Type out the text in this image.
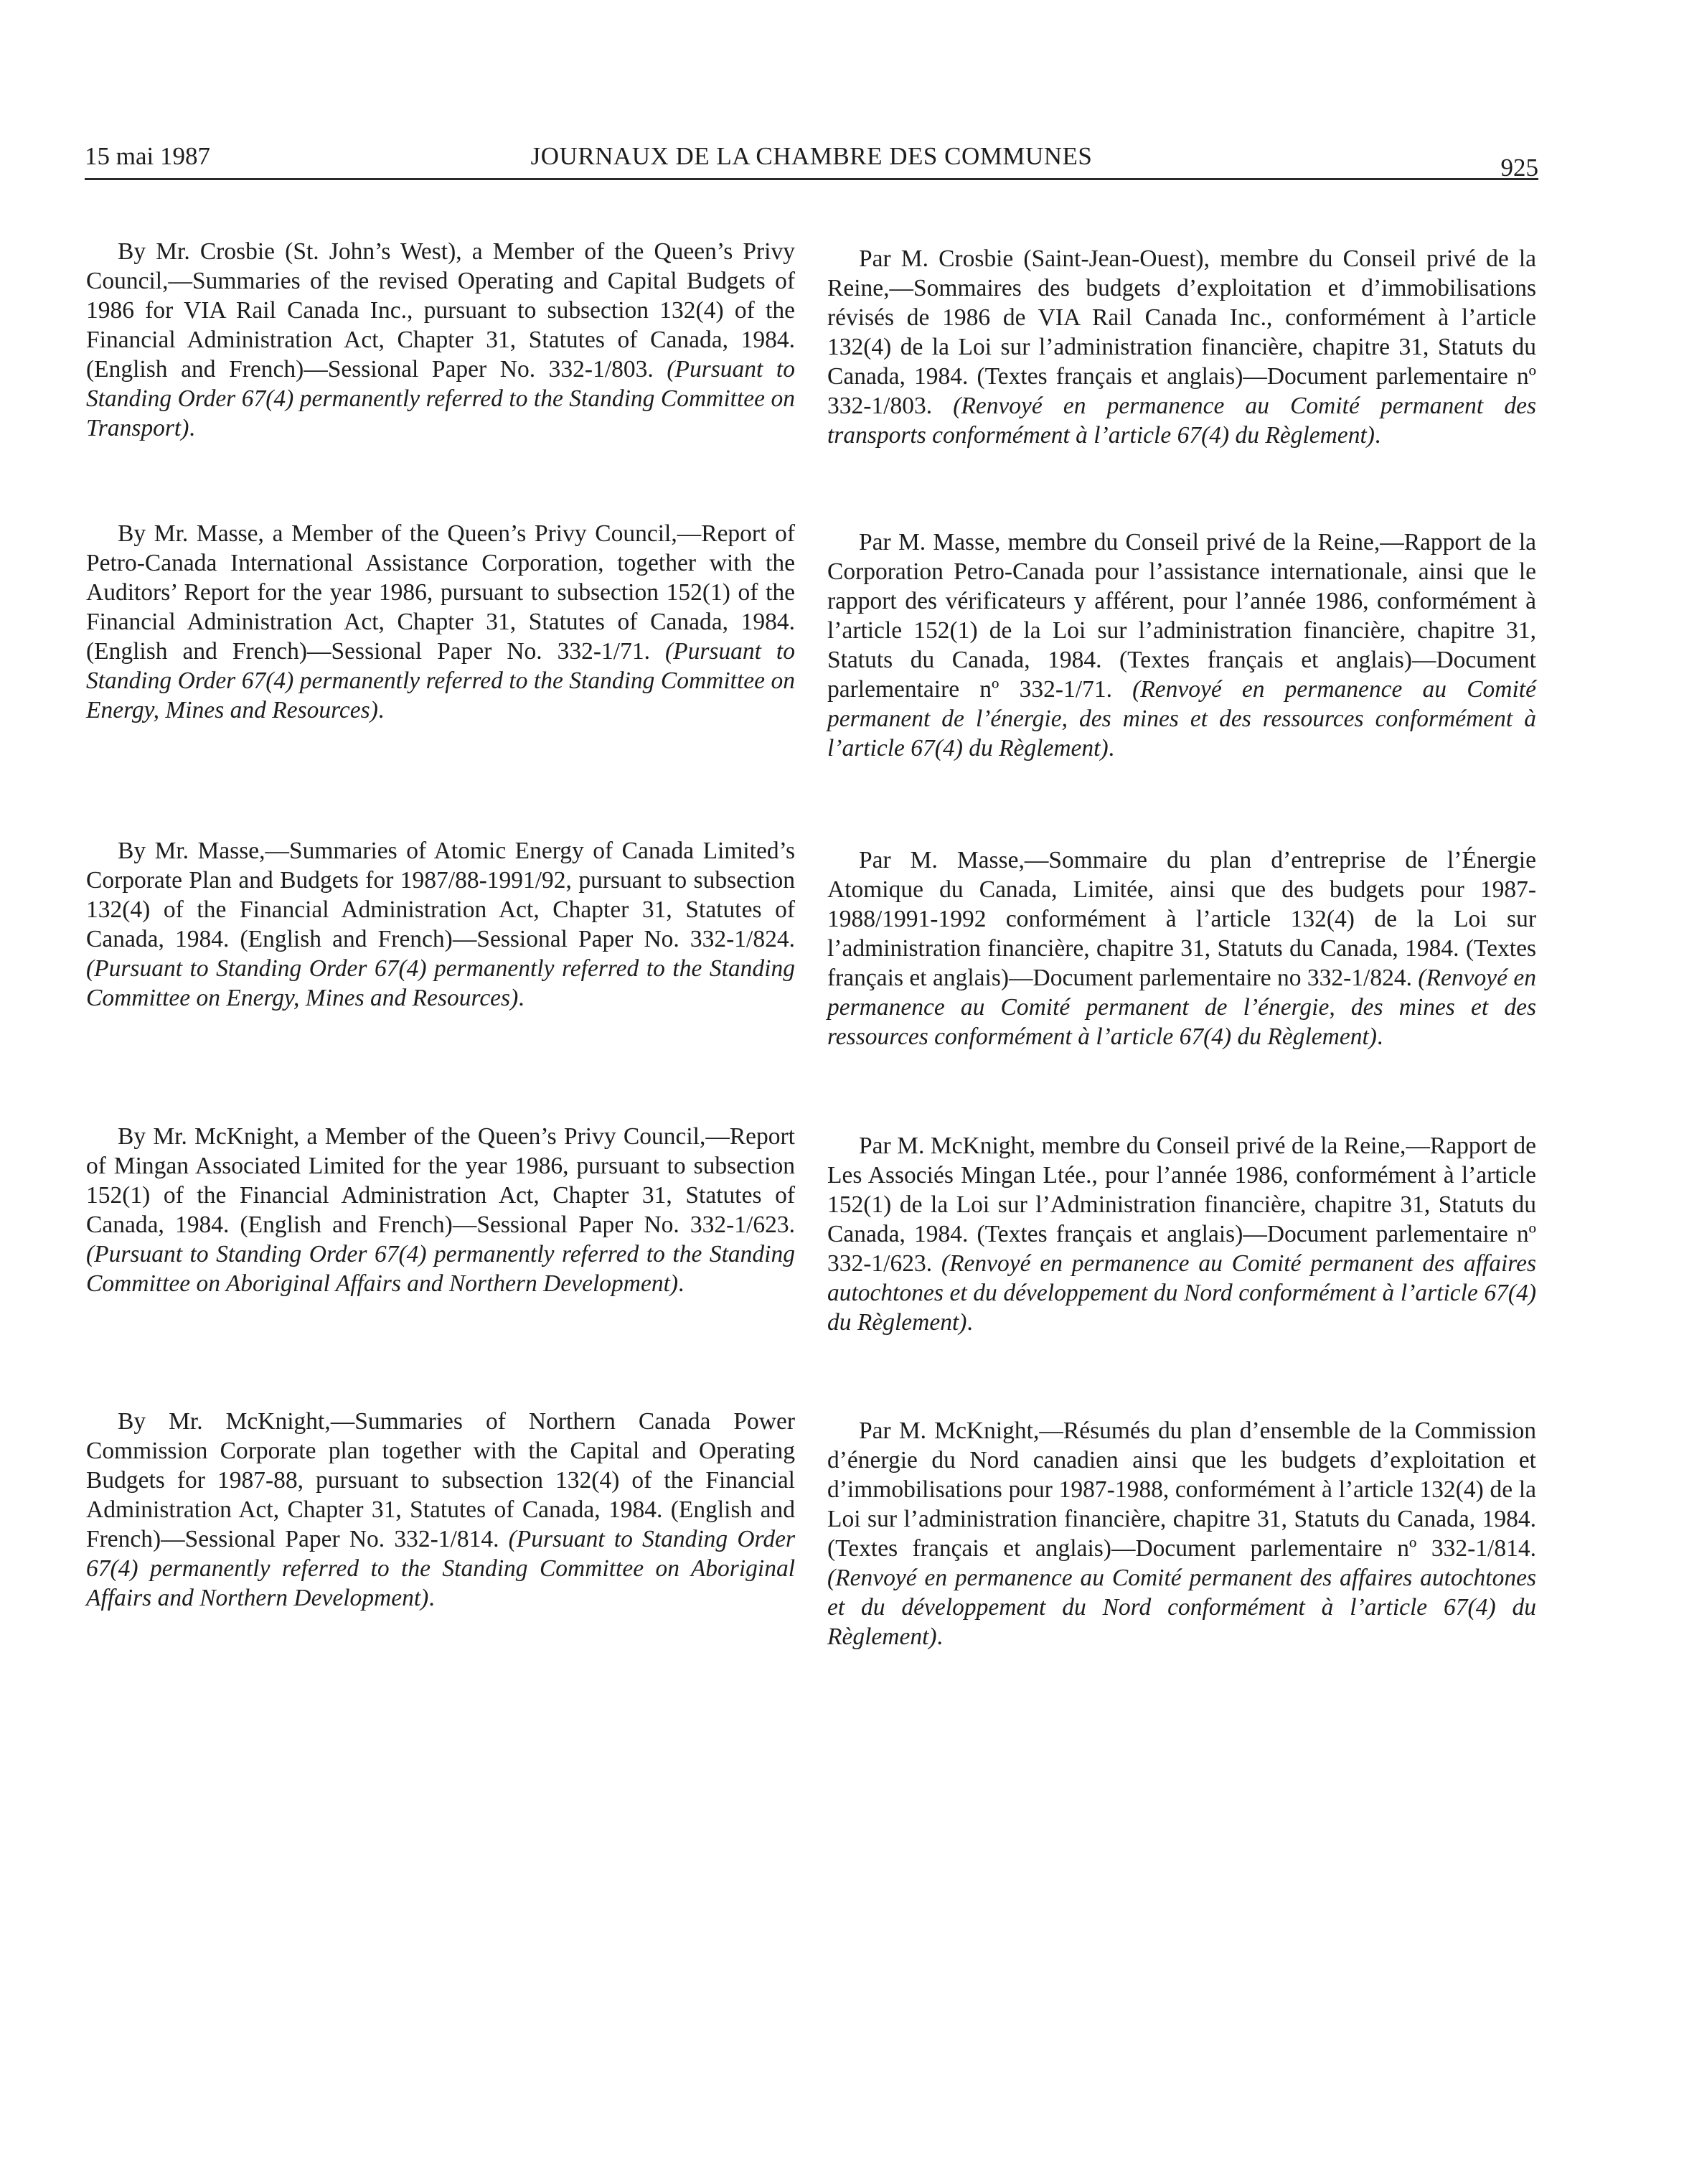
15 mai 1987	JOURNAUX DE LA CHAMBRE DES COMMUNES	925

By Mr. Crosbie (St. John’s West), a Member of the Queen’s Privy Council,—Summaries of the revised Operating and Capital Budgets of 1986 for VIA Rail Canada Inc., pursuant to subsection 132(4) of the Financial Administration Act, Chapter 31, Statutes of Canada, 1984. (English and French)—Sessional Paper No. 332-1/803. (Pursuant to Standing Order 67(4) permanently referred to the Standing Committee on Transport).

By Mr. Masse, a Member of the Queen’s Privy Council,—Report of Petro-Canada International Assistance Corporation, together with the Auditors’ Report for the year 1986, pursuant to subsection 152(1) of the Financial Administration Act, Chapter 31, Statutes of Canada, 1984. (English and French)—Sessional Paper No. 332-1/71. (Pursuant to Standing Order 67(4) permanently referred to the Standing Committee on Energy, Mines and Resources).

By Mr. Masse,—Summaries of Atomic Energy of Canada Limited’s Corporate Plan and Budgets for 1987/88-1991/92, pursuant to subsection 132(4) of the Financial Administration Act, Chapter 31, Statutes of Canada, 1984. (English and French)—Sessional Paper No. 332-1/824. (Pursuant to Standing Order 67(4) permanently referred to the Standing Committee on Energy, Mines and Resources).

By Mr. McKnight, a Member of the Queen’s Privy Council,—Report of Mingan Associated Limited for the year 1986, pursuant to subsection 152(1) of the Financial Administration Act, Chapter 31, Statutes of Canada, 1984. (English and French)—Sessional Paper No. 332-1/623. (Pursuant to Standing Order 67(4) permanently referred to the Standing Committee on Aboriginal Affairs and Northern Development).

By Mr. McKnight,—Summaries of Northern Canada Power Commission Corporate plan together with the Capital and Operating Budgets for 1987-88, pursuant to subsection 132(4) of the Financial Administration Act, Chapter 31, Statutes of Canada, 1984. (English and French)—Sessional Paper No. 332-1/814. (Pursuant to Standing Order 67(4) permanently referred to the Standing Committee on Aboriginal Affairs and Northern Development).

Par M. Crosbie (Saint-Jean-Ouest), membre du Conseil privé de la Reine,—Sommaires des budgets d’exploitation et d’immobilisations révisés de 1986 de VIA Rail Canada Inc., conformément à l’article 132(4) de la Loi sur l’administration financière, chapitre 31, Statuts du Canada, 1984. (Textes français et anglais)—Document parlementaire nº 332-1/803. (Renvoyé en permanence au Comité permanent des transports conformément à l’article 67(4) du Règlement).

Par M. Masse, membre du Conseil privé de la Reine,—Rapport de la Corporation Petro-Canada pour l’assistance internationale, ainsi que le rapport des vérificateurs y afférent, pour l’année 1986, conformément à l’article 152(1) de la Loi sur l’administration financière, chapitre 31, Statuts du Canada, 1984. (Textes français et anglais)—Document parlementaire nº 332-1/71. (Renvoyé en permanence au Comité permanent de l’énergie, des mines et des ressources conformément à l’article 67(4) du Règlement).

Par M. Masse,—Sommaire du plan d’entreprise de l’Énergie Atomique du Canada, Limitée, ainsi que des budgets pour 1987-1988/1991-1992 conformément à l’article 132(4) de la Loi sur l’administration financière, chapitre 31, Statuts du Canada, 1984. (Textes français et anglais)—Document parlementaire no 332-1/824. (Renvoyé en permanence au Comité permanent de l’énergie, des mines et des ressources conformément à l’article 67(4) du Règlement).

Par M. McKnight, membre du Conseil privé de la Reine,—Rapport de Les Associés Mingan Ltée., pour l’année 1986, conformément à l’article 152(1) de la Loi sur l’Administration financière, chapitre 31, Statuts du Canada, 1984. (Textes français et anglais)—Document parlementaire nº 332-1/623. (Renvoyé en permanence au Comité permanent des affaires autochtones et du développement du Nord conformément à l’article 67(4) du Règlement).

Par M. McKnight,—Résumés du plan d’ensemble de la Commission d’énergie du Nord canadien ainsi que les budgets d’exploitation et d’immobilisations pour 1987-1988, conformément à l’article 132(4) de la Loi sur l’administration financière, chapitre 31, Statuts du Canada, 1984. (Textes français et anglais)—Document parlementaire nº 332-1/814. (Renvoyé en permanence au Comité permanent des affaires autochtones et du développement du Nord conformément à l’article 67(4) du Règlement).
